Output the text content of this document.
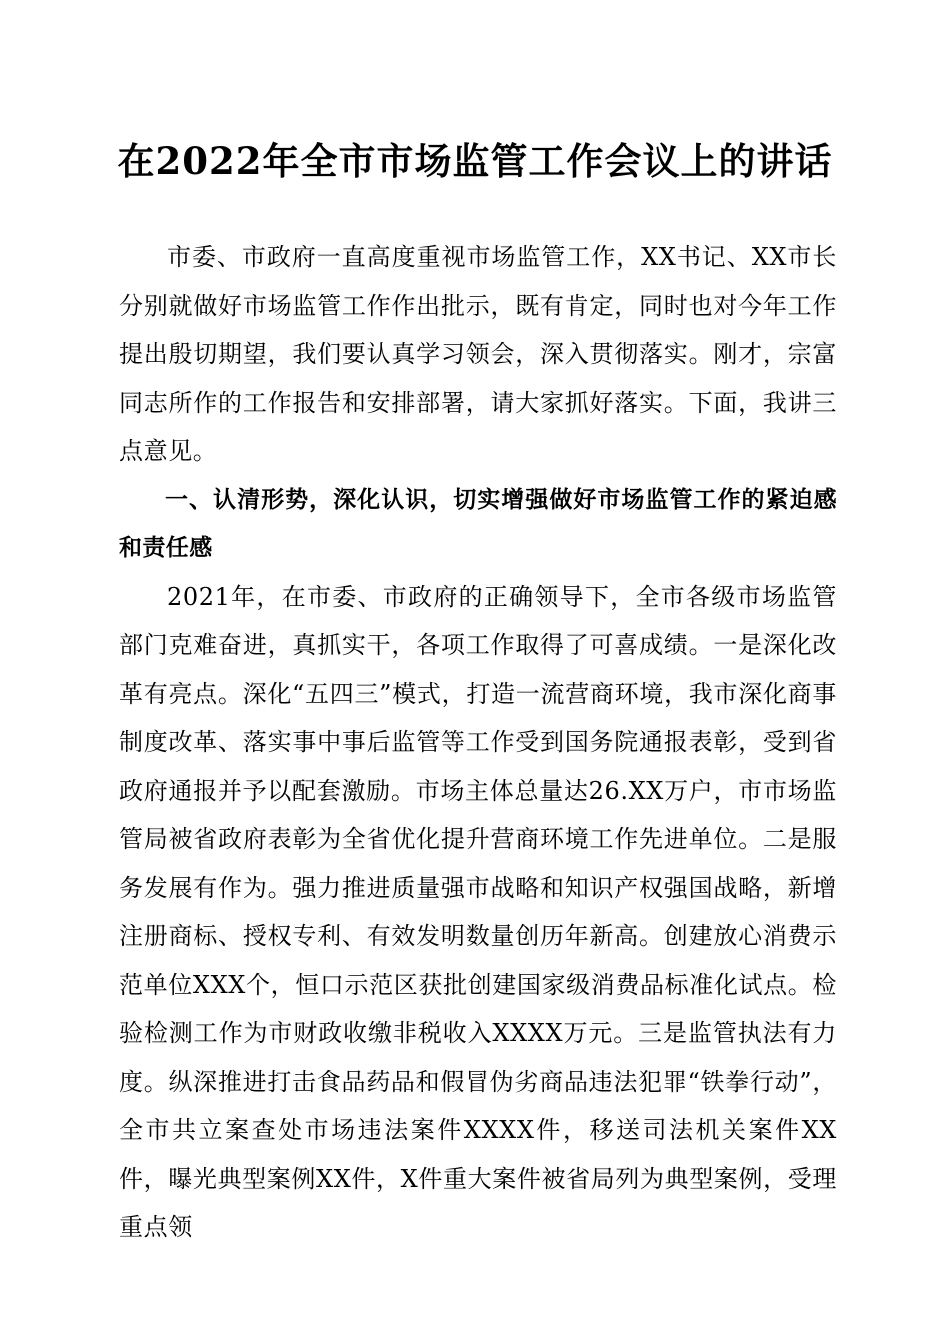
在2022年全市市场监管工作会议上的讲话

市委、市政府一直高度重视市场监管工作，XX书记、XX市长分别就做好市场监管工作作出批示，既有肯定，同时也对今年工作提出殷切期望，我们要认真学习领会，深入贯彻落实。刚才，宗富同志所作的工作报告和安排部署，请大家抓好落实。下面，我讲三点意见。

一、认清形势，深化认识，切实增强做好市场监管工作的紧迫感和责任感

2021年，在市委、市政府的正确领导下，全市各级市场监管部门克难奋进，真抓实干，各项工作取得了可喜成绩。一是深化改革有亮点。深化“五四三”模式，打造一流营商环境，我市深化商事制度改革、落实事中事后监管等工作受到国务院通报表彰，受到省政府通报并予以配套激励。市场主体总量达26.XX万户，市市场监管局被省政府表彰为全省优化提升营商环境工作先进单位。二是服务发展有作为。强力推进质量强市战略和知识产权强国战略，新增注册商标、授权专利、有效发明数量创历年新高。创建放心消费示范单位XXX个，恒口示范区获批创建国家级消费品标准化试点。检验检测工作为市财政收缴非税收入XXXX万元。三是监管执法有力度。纵深推进打击食品药品和假冒伪劣商品违法犯罪“铁拳行动”，全市共立案查处市场违法案件XXXX件，移送司法机关案件XX件，曝光典型案例XX件，X件重大案件被省局列为典型案例，受理重点领
